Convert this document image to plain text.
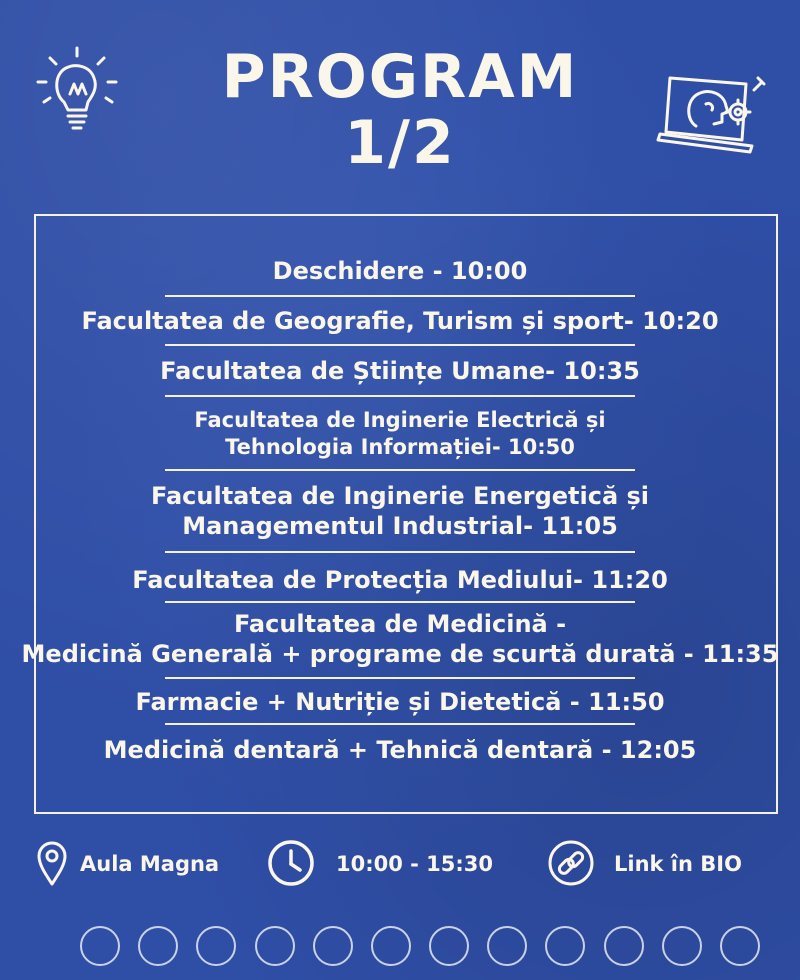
PROGRAM
1/2
Deschidere - 10:00
Facultatea de Geografie, Turism și sport- 10:20
Facultatea de Științe Umane- 10:35
Facultatea de Inginerie Electrică și
Tehnologia Informației- 10:50
Facultatea de Inginerie Energetică și
Managementul Industrial- 11:05
Facultatea de Protecția Mediului- 11:20
Facultatea de Medicină -
Medicină Generală + programe de scurtă durată - 11:35
Farmacie + Nutriție și Dietetică - 11:50
Medicină dentară + Tehnică dentară - 12:05
Aula Magna	10:00 - 15:30	Link în BIO
